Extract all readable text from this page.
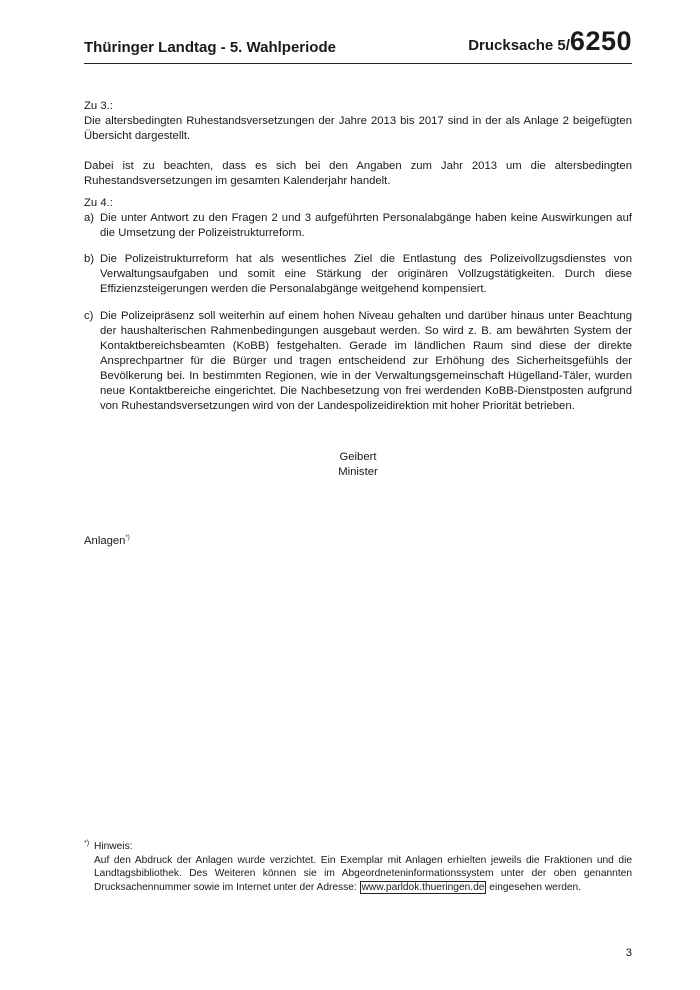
Thüringer Landtag - 5. Wahlperiode	Drucksache 5/6250

Zu 3.:

Die altersbedingten Ruhestandsversetzungen der Jahre 2013 bis 2017 sind in der als Anlage 2 beigefügten Übersicht dargestellt.

Dabei ist zu beachten, dass es sich bei den Angaben zum Jahr 2013 um die altersbedingten Ruhestandsversetzungen im gesamten Kalenderjahr handelt.

Zu 4.:
a) Die unter Antwort zu den Fragen 2 und 3 aufgeführten Personalabgänge haben keine Auswirkungen auf die Umsetzung der Polizeistrukturreform.
b) Die Polizeistrukturreform hat als wesentliches Ziel die Entlastung des Polizeivollzugsdienstes von Verwaltungsaufgaben und somit eine Stärkung der originären Vollzugstätigkeiten. Durch diese Effizienzsteigerungen werden die Personalabgänge weitgehend kompensiert.
c) Die Polizeipräsenz soll weiterhin auf einem hohen Niveau gehalten und darüber hinaus unter Beachtung der haushalterischen Rahmenbedingungen ausgebaut werden. So wird z. B. am bewährten System der Kontaktbereichsbeamten (KoBB) festgehalten. Gerade im ländlichen Raum sind diese der direkte Ansprechpartner für die Bürger und tragen entscheidend zur Erhöhung des Sicherheitsgefühls der Bevölkerung bei. In bestimmten Regionen, wie in der Verwaltungsgemeinschaft Hügelland-Täler, wurden neue Kontaktbereiche eingerichtet. Die Nachbesetzung von frei werdenden KoBB-Dienstposten aufgrund von Ruhestandsversetzungen wird von der Landespolizeidirektion mit hoher Priorität betrieben.
Geibert
Minister
Anlagen*)
*) Hinweis:

Auf den Abdruck der Anlagen wurde verzichtet. Ein Exemplar mit Anlagen erhielten jeweils die Fraktionen und die Landtagsbibliothek. Des Weiteren können sie im Abgeordneteninformationssystem unter der oben genannten Drucksachennummer sowie im Internet unter der Adresse: www.parldok.thueringen.de eingesehen werden.

3
